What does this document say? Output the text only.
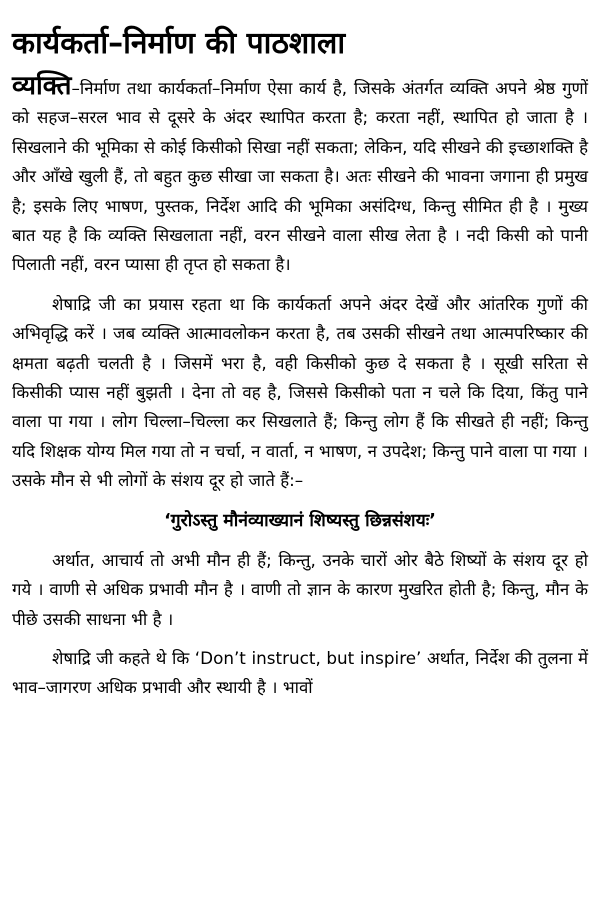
कार्यकर्ता–निर्माण की पाठशाला

व्यक्ति–निर्माण तथा कार्यकर्ता–निर्माण ऐसा कार्य है, जिसके अंतर्गत व्यक्ति अपने श्रेष्ठ गुणों को सहज–सरल भाव से दूसरे के अंदर स्थापित करता है; करता नहीं, स्थापित हो जाता है । सिखलाने की भूमिका से कोई किसीको सिखा नहीं सकता; लेकिन, यदि सीखने की इच्छाशक्ति है और आँखे खुली हैं, तो बहुत कुछ सीखा जा सकता है। अतः सीखने की भावना जगाना ही प्रमुख है; इसके लिए भाषण, पुस्तक, निर्देश आदि की भूमिका असंदिग्ध, किन्तु सीमित ही है । मुख्य बात यह है कि व्यक्ति सिखलाता नहीं, वरन सीखने वाला सीख लेता है । नदी किसी को पानी पिलाती नहीं, वरन प्यासा ही तृप्त हो सकता है।

शेषाद्रि जी का प्रयास रहता था कि कार्यकर्ता अपने अंदर देखें और आंतरिक गुणों की अभिवृद्धि करें । जब व्यक्ति आत्मावलोकन करता है, तब उसकी सीखने तथा आत्मपरिष्कार की क्षमता बढ़ती चलती है । जिसमें भरा है, वही किसीको कुछ दे सकता है । सूखी सरिता से किसीकी प्यास नहीं बुझती । देना तो वह है, जिससे किसीको पता न चले कि दिया, किंतु पाने वाला पा गया । लोग चिल्ला–चिल्ला कर सिखलाते हैं; किन्तु लोग हैं कि सीखते ही नहीं; किन्तु यदि शिक्षक योग्य मिल गया तो न चर्चा, न वार्ता, न भाषण, न उपदेश; किन्तु पाने वाला पा गया । उसके मौन से भी लोगों के संशय दूर हो जाते हैं:–

‘गुरोऽस्तु मौनंव्याख्यानं शिष्यस्तु छिन्नसंशयः’

अर्थात, आचार्य तो अभी मौन ही हैं; किन्तु, उनके चारों ओर बैठे शिष्यों के संशय दूर हो गये । वाणी से अधिक प्रभावी मौन है । वाणी तो ज्ञान के कारण मुखरित होती है; किन्तु, मौन के पीछे उसकी साधना भी है ।

शेषाद्रि जी कहते थे कि ‘Don’t instruct, but inspire’ अर्थात, निर्देश की तुलना में भाव–जागरण अधिक प्रभावी और स्थायी है । भावों
